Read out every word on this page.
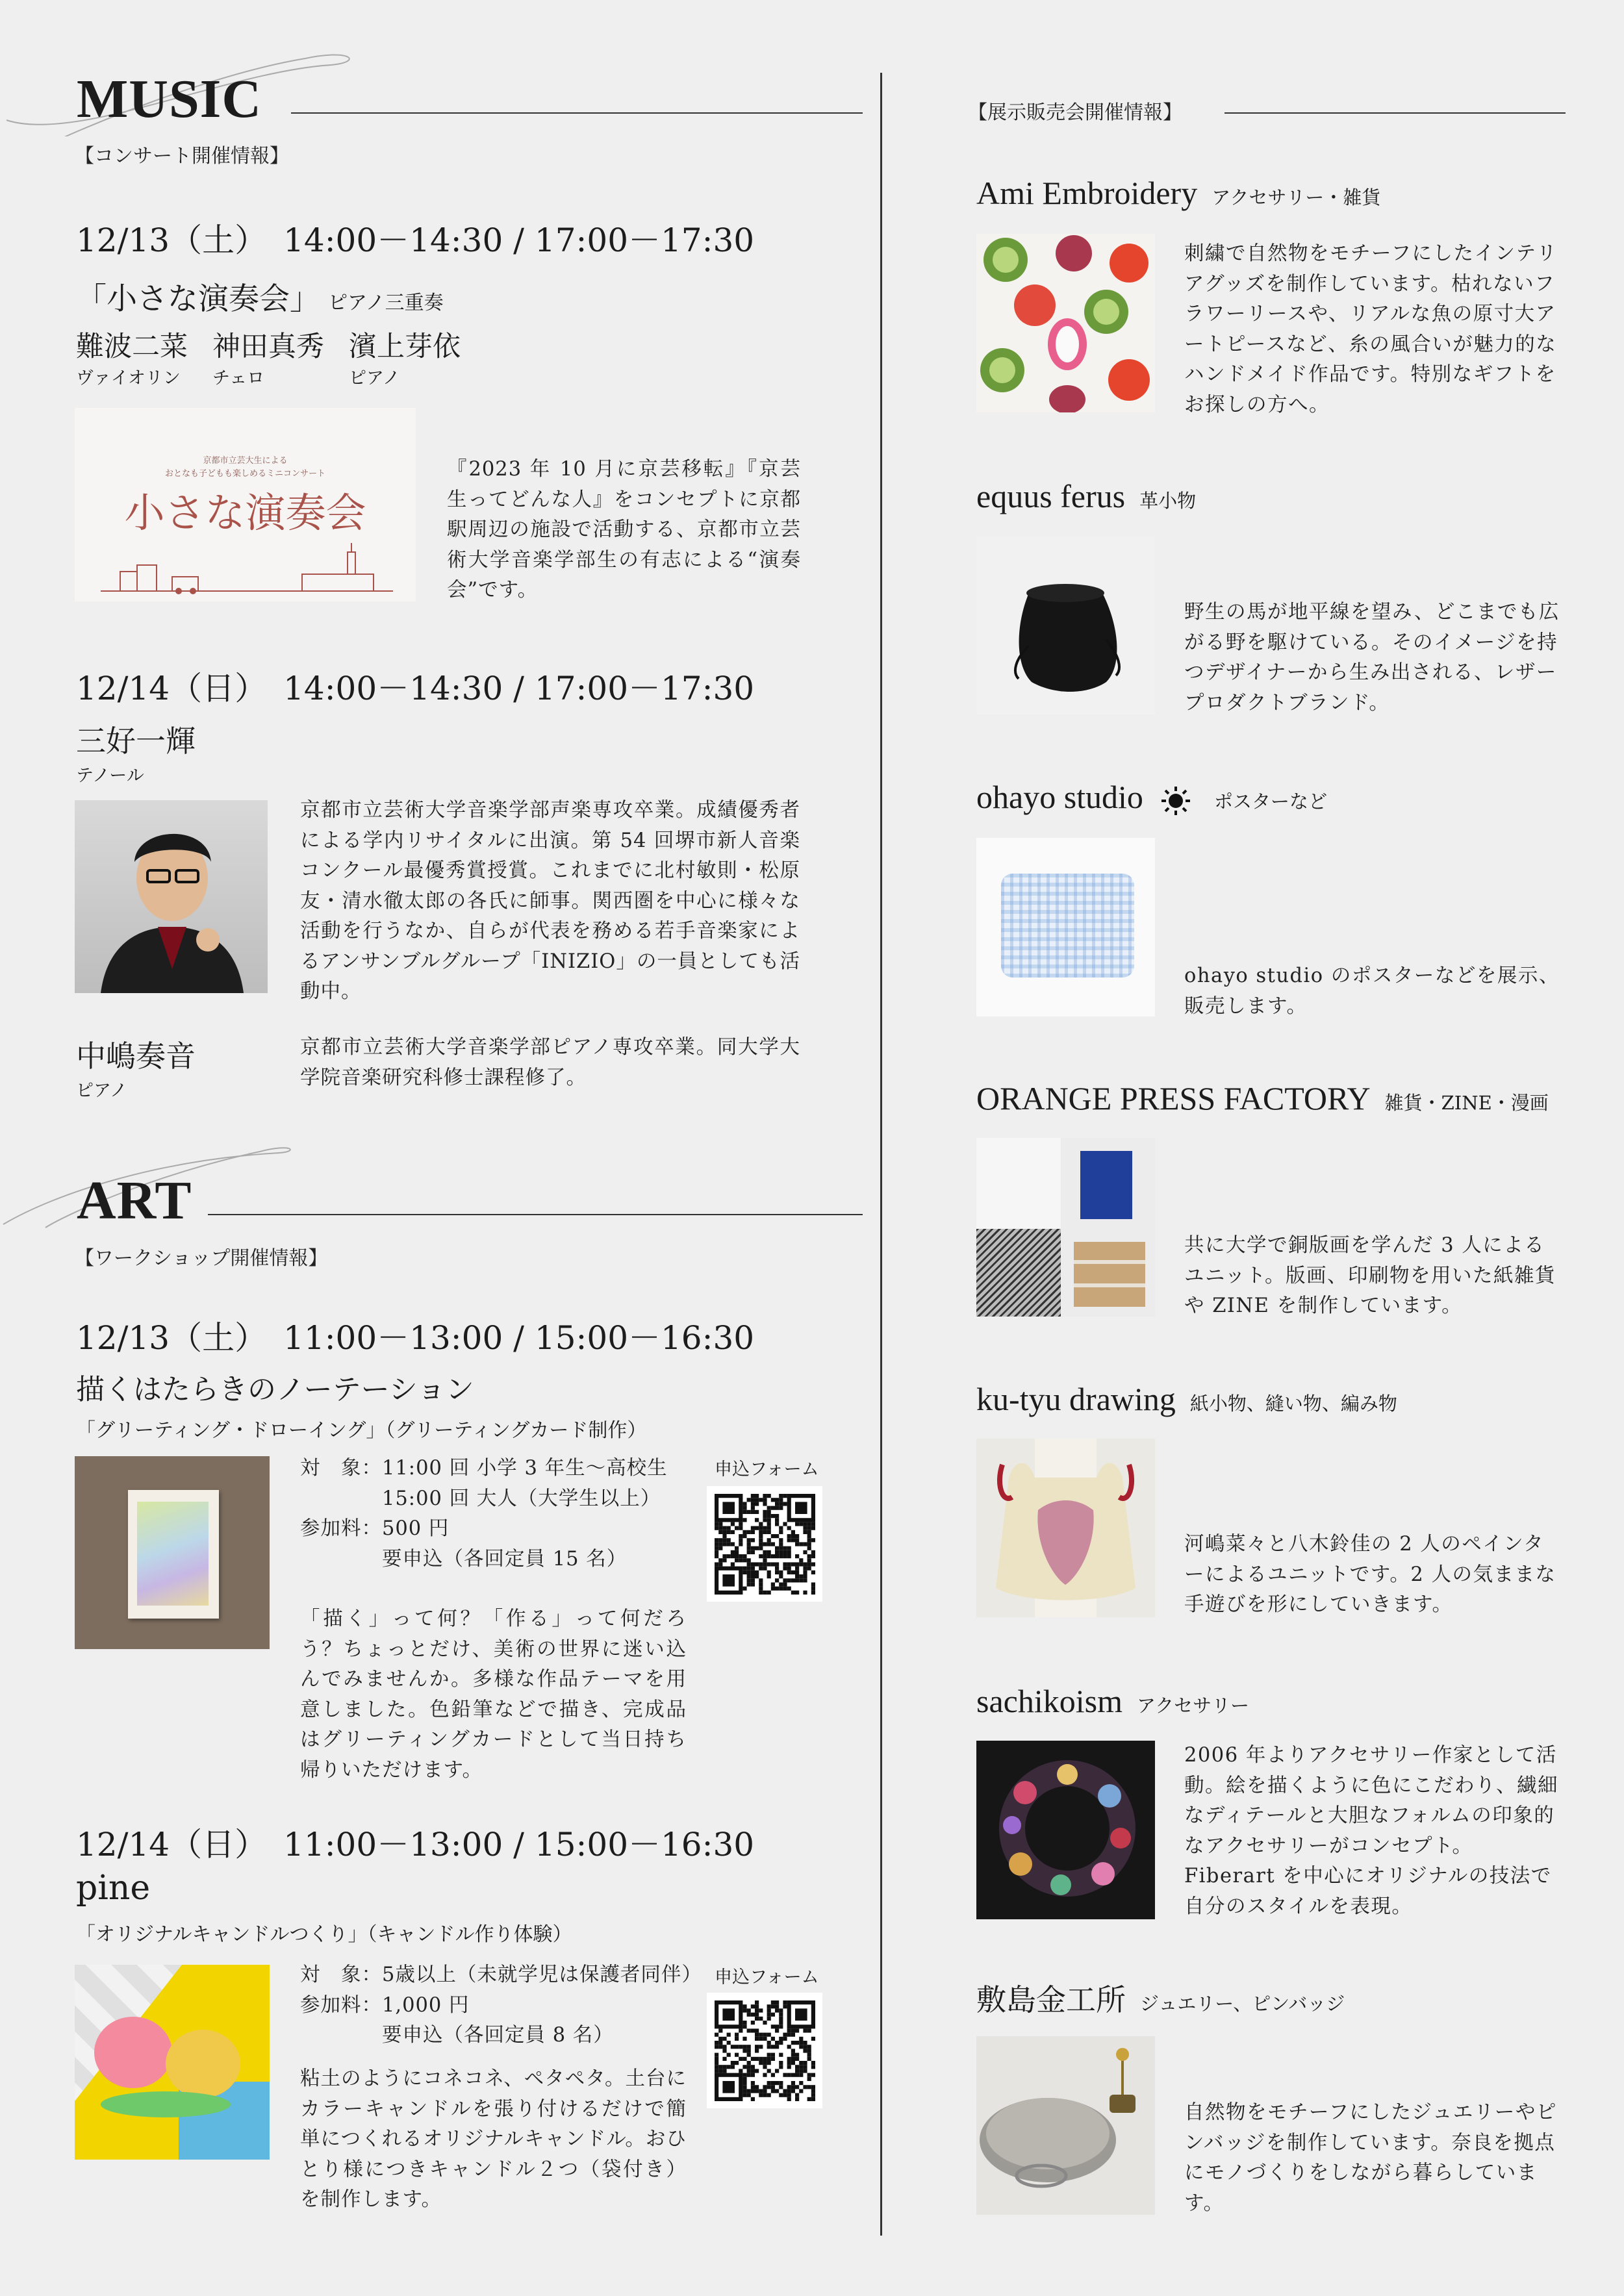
MUSIC
【コンサート開催情報】
12/13（土）　14:00－14:30 / 17:00－17:30
「小さな演奏会」 ピアノ三重奏
難波二菜 神田真秀 濱上芽依
ヴァイオリン チェロ	ピアノ
京都市立芸大生による
おとなも子どもも楽しめるミニコンサート
小さな演奏会
『2023 年 10 月に京芸移転』『京芸生ってどんな人』をコンセプトに京都駅周辺の施設で活動する、京都市立芸術大学音楽学部生の有志による“演奏会”です。
12/14（日）　14:00－14:30 / 17:00－17:30
三好一輝
テノール
京都市立芸術大学音楽学部声楽専攻卒業。成績優秀者による学内リサイタルに出演。第 54 回堺市新人音楽コンクール最優秀賞授賞。これまでに北村敏則・松原友・清水徹太郎の各氏に師事。関西圏を中心に様々な活動を行うなか、自らが代表を務める若手音楽家によるアンサンブルグループ「INIZIO」の一員としても活動中。
中嶋奏音
ピアノ
京都市立芸術大学音楽学部ピアノ専攻卒業。同大学大学院音楽研究科修士課程修了。
ART
【ワークショップ開催情報】
12/13（土）　11:00－13:00 / 15:00－16:30
描くはたらきのノーテーション
「グリーティング・ドローイング」（グリーティングカード制作）
対　象：11:00 回 小学 3 年生～高校生
　　　　15:00 回 大人（大学生以上）
参加料：500 円
　　　　要申込（各回定員 15 名）
申込フォーム
「描く」って何？「作る」って何だろう？ちょっとだけ、美術の世界に迷い込んでみませんか。多様な作品テーマを用意しました。色鉛筆などで描き、完成品はグリーティングカードとして当日持ち帰りいただけます。
12/14（日）　11:00－13:00 / 15:00－16:30
pine
「オリジナルキャンドルつくり」（キャンドル作り体験）
対　象：5歳以上（未就学児は保護者同伴）
参加料：1,000 円
　　　　要申込（各回定員 8 名）
申込フォーム
粘土のようにコネコネ、ペタペタ。土台にカラーキャンドルを張り付けるだけで簡単につくれるオリジナルキャンドル。おひとり様につきキャンドル２つ（袋付き）を制作します。
【展示販売会開催情報】
Ami Embroidery アクセサリー・雑貨
刺繍で自然物をモチーフにしたインテリアグッズを制作しています。枯れないフラワーリースや、リアルな魚の原寸大アートピースなど、糸の風合いが魅力的なハンドメイド作品です。特別なギフトをお探しの方へ。
equus ferus 革小物
野生の馬が地平線を望み、どこまでも広がる野を駆けている。そのイメージを持つデザイナーから生み出される、レザープロダクトブランド。
ohayo studio	ポスターなど
ohayo studio のポスターなどを展示、販売します。
ORANGE PRESS FACTORY 雑貨・ZINE・漫画
共に大学で銅版画を学んだ 3 人によるユニット。版画、印刷物を用いた紙雑貨や ZINE を制作しています。
ku-tyu drawing 紙小物、縫い物、編み物
河嶋菜々と八木鈴佳の 2 人のペインターによるユニットです。2 人の気ままな手遊びを形にしていきます。
sachikoism アクセサリー
2006 年よりアクセサリー作家として活動。絵を描くように色にこだわり、繊細なディテールと大胆なフォルムの印象的なアクセサリーがコンセプト。Fiberart を中心にオリジナルの技法で自分のスタイルを表現。
敷島金工所 ジュエリー、ピンバッジ
自然物をモチーフにしたジュエリーやピンバッジを制作しています。奈良を拠点にモノづくりをしながら暮らしています。
